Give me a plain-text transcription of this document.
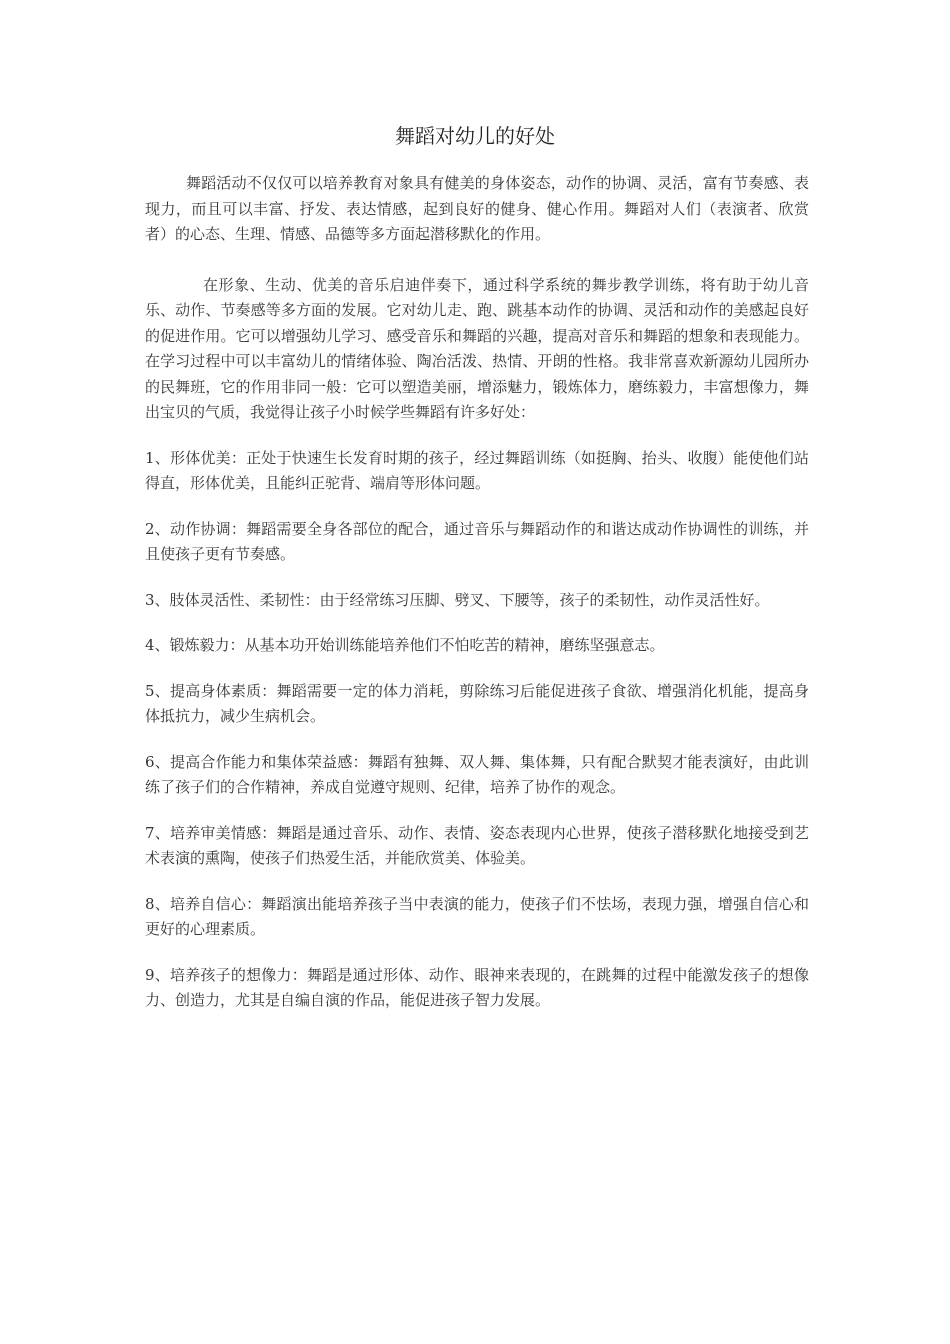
舞蹈对幼儿的好处

舞蹈活动不仅仅可以培养教育对象具有健美的身体姿态，动作的协调、灵活，富有节奏感、表现力，而且可以丰富、抒发、表达情感，起到良好的健身、健心作用。舞蹈对人们（表演者、欣赏者）的心态、生理、情感、品德等多方面起潜移默化的作用。

在形象、生动、优美的音乐启迪伴奏下，通过科学系统的舞步教学训练，将有助于幼儿音乐、动作、节奏感等多方面的发展。它对幼儿走、跑、跳基本动作的协调、灵活和动作的美感起良好的促进作用。它可以增强幼儿学习、感受音乐和舞蹈的兴趣，提高对音乐和舞蹈的想象和表现能力。在学习过程中可以丰富幼儿的情绪体验、陶冶活泼、热情、开朗的性格。我非常喜欢新源幼儿园所办的民舞班，它的作用非同一般：它可以塑造美丽，增添魅力，锻炼体力，磨练毅力，丰富想像力，舞出宝贝的气质，我觉得让孩子小时候学些舞蹈有许多好处：

1、形体优美：正处于快速生长发育时期的孩子，经过舞蹈训练（如挺胸、抬头、收腹）能使他们站得直，形体优美，且能纠正驼背、端肩等形体问题。

2、动作协调：舞蹈需要全身各部位的配合，通过音乐与舞蹈动作的和谐达成动作协调性的训练，并且使孩子更有节奏感。

3、肢体灵活性、柔韧性：由于经常练习压脚、劈叉、下腰等，孩子的柔韧性，动作灵活性好。

4、锻炼毅力：从基本功开始训练能培养他们不怕吃苦的精神，磨练坚强意志。

5、提高身体素质：舞蹈需要一定的体力消耗，剪除练习后能促进孩子食欲、增强消化机能，提高身体抵抗力，减少生病机会。

6、提高合作能力和集体荣益感：舞蹈有独舞、双人舞、集体舞，只有配合默契才能表演好，由此训练了孩子们的合作精神，养成自觉遵守规则、纪律，培养了协作的观念。

7、培养审美情感：舞蹈是通过音乐、动作、表情、姿态表现内心世界，使孩子潜移默化地接受到艺术表演的熏陶，使孩子们热爱生活，并能欣赏美、体验美。

8、培养自信心：舞蹈演出能培养孩子当中表演的能力，使孩子们不怯场，表现力强，增强自信心和更好的心理素质。

9、培养孩子的想像力：舞蹈是通过形体、动作、眼神来表现的，在跳舞的过程中能激发孩子的想像力、创造力，尤其是自编自演的作品，能促进孩子智力发展。
